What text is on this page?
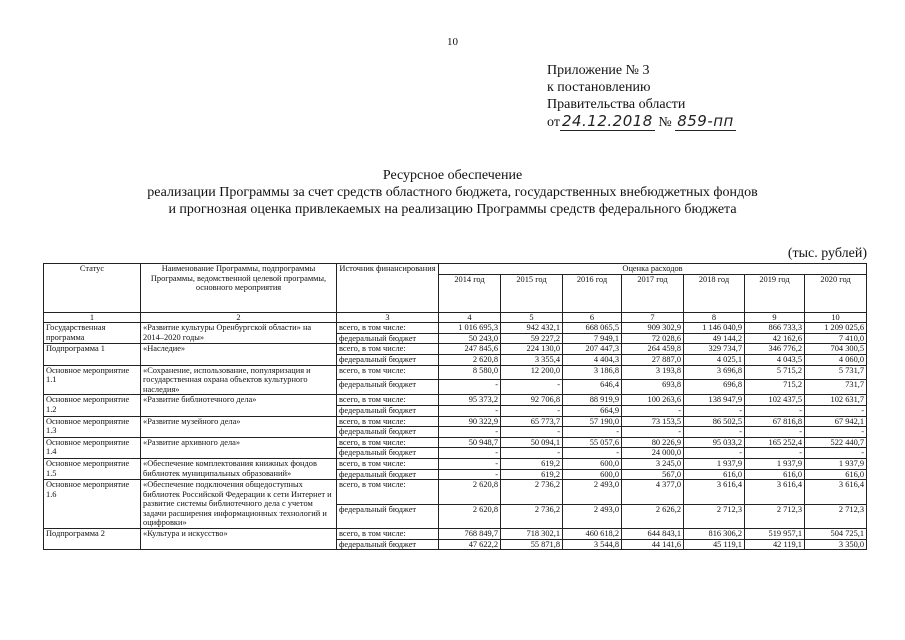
10
Приложение № 3
к постановлению
Правительства области
от 24.12.2018 № 859-пп
Ресурсное обеспечение
реализации Программы за счет средств областного бюджета, государственных внебюджетных фондов
и прогнозная оценка привлекаемых на реализацию Программы средств федерального бюджета
(тыс. рублей)
Статус	Наименование Программы, подпрограммы Программы, ведомственной целевой программы, основного мероприятия	Источник финансирования	Оценка расходов						
			2014 год	2015 год	2016 год	2017 год	2018 год	2019 год	2020 год
1	2	3	4	5	6	7	8	9	10
Государственная программа	«Развитие культуры Оренбургской области» на 2014–2020 годы»	всего, в том числе:	1 016 695,3	942 432,1	668 065,5	909 302,9	1 146 040,9	866 733,3	1 209 025,6
		федеральный бюджет	50 243,0	59 227,2	7 949,1	72 028,6	49 144,2	42 162,6	7 410,0
Подпрограмма 1	«Наследие»	всего, в том числе:	247 845,6	224 130,0	207 447,3	264 459,8	329 734,7	346 776,2	704 300,5
		федеральный бюджет	2 620,8	3 355,4	4 404,3	27 887,0	4 025,1	4 043,5	4 060,0
Основное мероприятие 1.1	«Сохранение, использование, популяризация и государственная охрана объектов культурного наследия»	всего, в том числе:	8 580,0	12 200,0	3 186,8	3 193,8	3 696,8	5 715,2	5 731,7
		федеральный бюджет	-	-	646,4	693,8	696,8	715,2	731,7
Основное мероприятие 1.2	«Развитие библиотечного дела»	всего, в том числе:	95 373,2	92 706,8	88 919,9	100 263,6	138 947,9	102 437,5	102 631,7
		федеральный бюджет	-	-	664,9	-	-	-	-
Основное мероприятие 1.3	«Развитие музейного дела»	всего, в том числе:	90 322,9	65 773,7	57 190,0	73 153,5	86 502,5	67 816,8	67 942,1
		федеральный бюджет	-	-	-	-	-	-	-
Основное мероприятие 1.4	«Развитие архивного дела»	всего, в том числе:	50 948,7	50 094,1	55 057,6	80 226,9	95 033,2	165 252,4	522 440,7
		федеральный бюджет	-	-	-	24 000,0	-	-	-
Основное мероприятие 1.5	«Обеспечение комплектования книжных фондов библиотек муниципальных образований»	всего, в том числе:	-	619,2	600,0	3 245,0	1 937,9	1 937,9	1 937,9
		федеральный бюджет	-	619,2	600,0	567,0	616,0	616,0	616,0
Основное мероприятие 1.6	«Обеспечение подключения общедоступных библиотек Российской Федерации к сети Интернет и развитие системы библиотечного дела с учетом задачи расширения информационных технологий и оцифровки»	всего, в том числе:	2 620,8	2 736,2	2 493,0	4 377,0	3 616,4	3 616,4	3 616,4
		федеральный бюджет	2 620,8	2 736,2	2 493,0	2 626,2	2 712,3	2 712,3	2 712,3
Подпрограмма 2	«Культура и искусство»	всего, в том числе:	768 849,7	718 302,1	460 618,2	644 843,1	816 306,2	519 957,1	504 725,1
		федеральный бюджет	47 622,2	55 871,8	3 544,8	44 141,6	45 119,1	42 119,1	3 350,0
